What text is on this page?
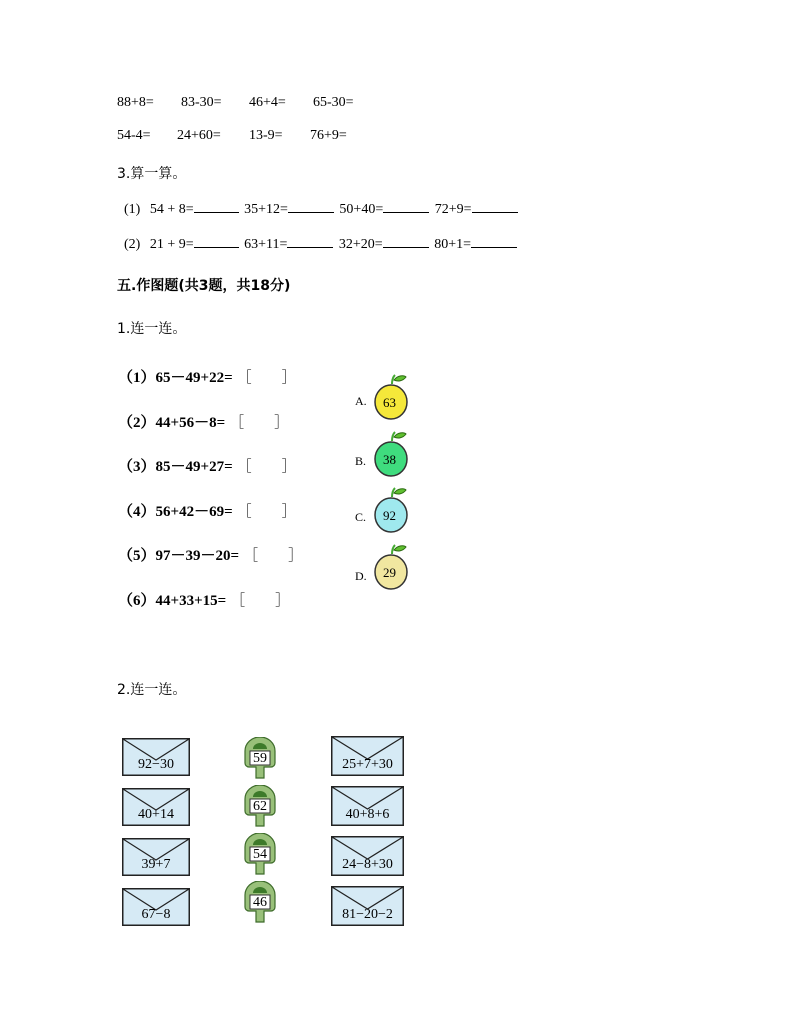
88+8= 83-30= 46+4= 65-30=
54-4= 24+60= 13-9= 76+9=
3.算一算。
(1) 54 + 8=	35+12=	50+40=	72+9=
(2) 21 + 9=	63+11=	32+20=	80+1=
五.作图题(共3题，共18分)
1.连一连。
（1）65－49+22= ［　　］
（2）44+56－8= ［　　］
（3）85－49+27= ［　　］
（4）56+42－69= ［　　］
（5）97－39－20= ［　　］
（6）44+33+15= ［　　］
A. 63
B. 38
C. 92
D. 29
2.连一连。
92−30
40+14
39+7
67−8
59
62
54
46
25+7+30
40+8+6
24−8+30
81−20−2
